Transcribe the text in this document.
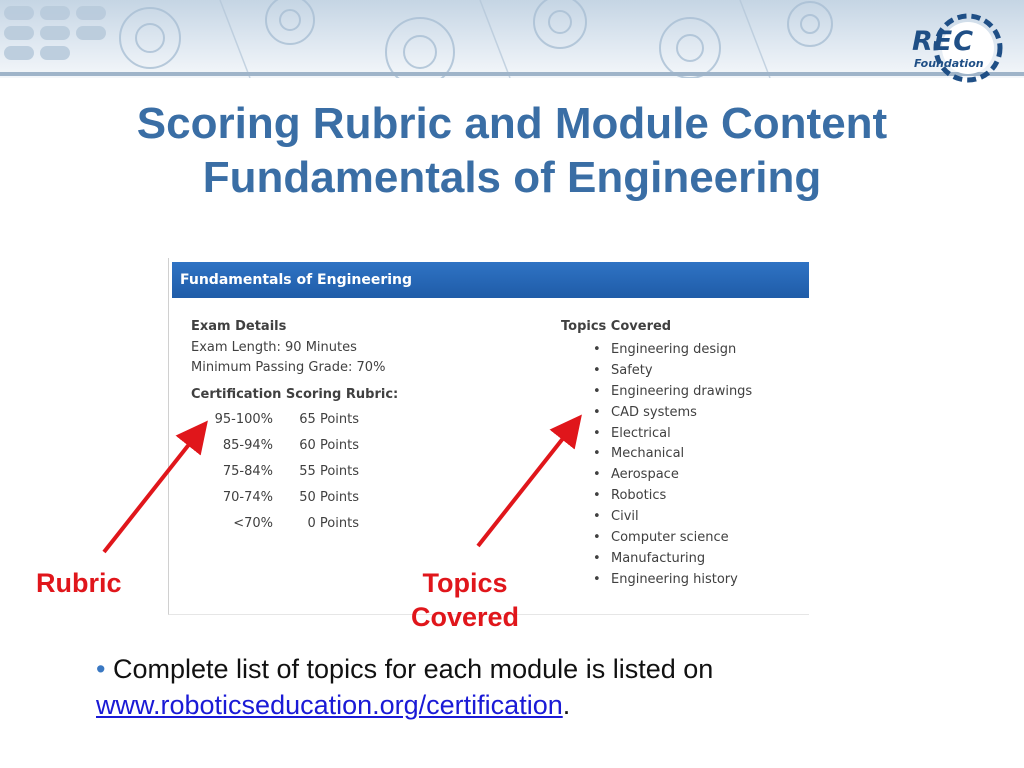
REC
Foundation
Scoring Rubric and Module Content
Fundamentals of Engineering
Fundamentals of Engineering
Exam Details
Exam Length: 90 Minutes
Minimum Passing Grade: 70%
Certification Scoring Rubric:
95-100%	65 Points
85-94%	60 Points
75-84%	55 Points
70-74%	50 Points
<70%	0 Points
Topics Covered
• Engineering design
• Safety
• Engineering drawings
• CAD systems
• Electrical
• Mechanical
• Aerospace
• Robotics
• Civil
• Computer science
• Manufacturing
• Engineering history
Rubric	Topics
Covered
• Complete list of topics for each module is listed on
www.roboticseducation.org/certification.
